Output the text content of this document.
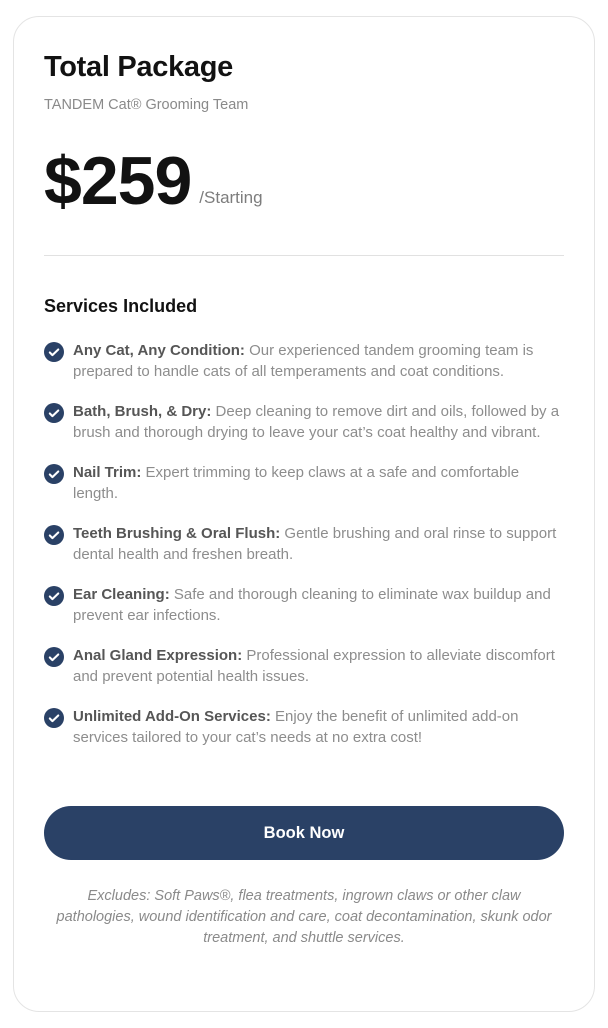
Total Package
TANDEM Cat® Grooming Team
$259 /Starting
Services Included

Any Cat, Any Condition: Our experienced tandem grooming team is prepared to handle cats of all temperaments and coat conditions.

Bath, Brush, & Dry: Deep cleaning to remove dirt and oils, followed by a brush and thorough drying to leave your cat’s coat healthy and vibrant.

Nail Trim: Expert trimming to keep claws at a safe and comfortable length.

Teeth Brushing & Oral Flush: Gentle brushing and oral rinse to support dental health and freshen breath.

Ear Cleaning: Safe and thorough cleaning to eliminate wax buildup and prevent ear infections.

Anal Gland Expression: Professional expression to alleviate discomfort and prevent potential health issues.

Unlimited Add-On Services: Enjoy the benefit of unlimited add-on services tailored to your cat’s needs at no extra cost!

Book Now

Excludes: Soft Paws®, flea treatments, ingrown claws or other claw pathologies, wound identification and care, coat decontamination, skunk odor treatment, and shuttle services.
